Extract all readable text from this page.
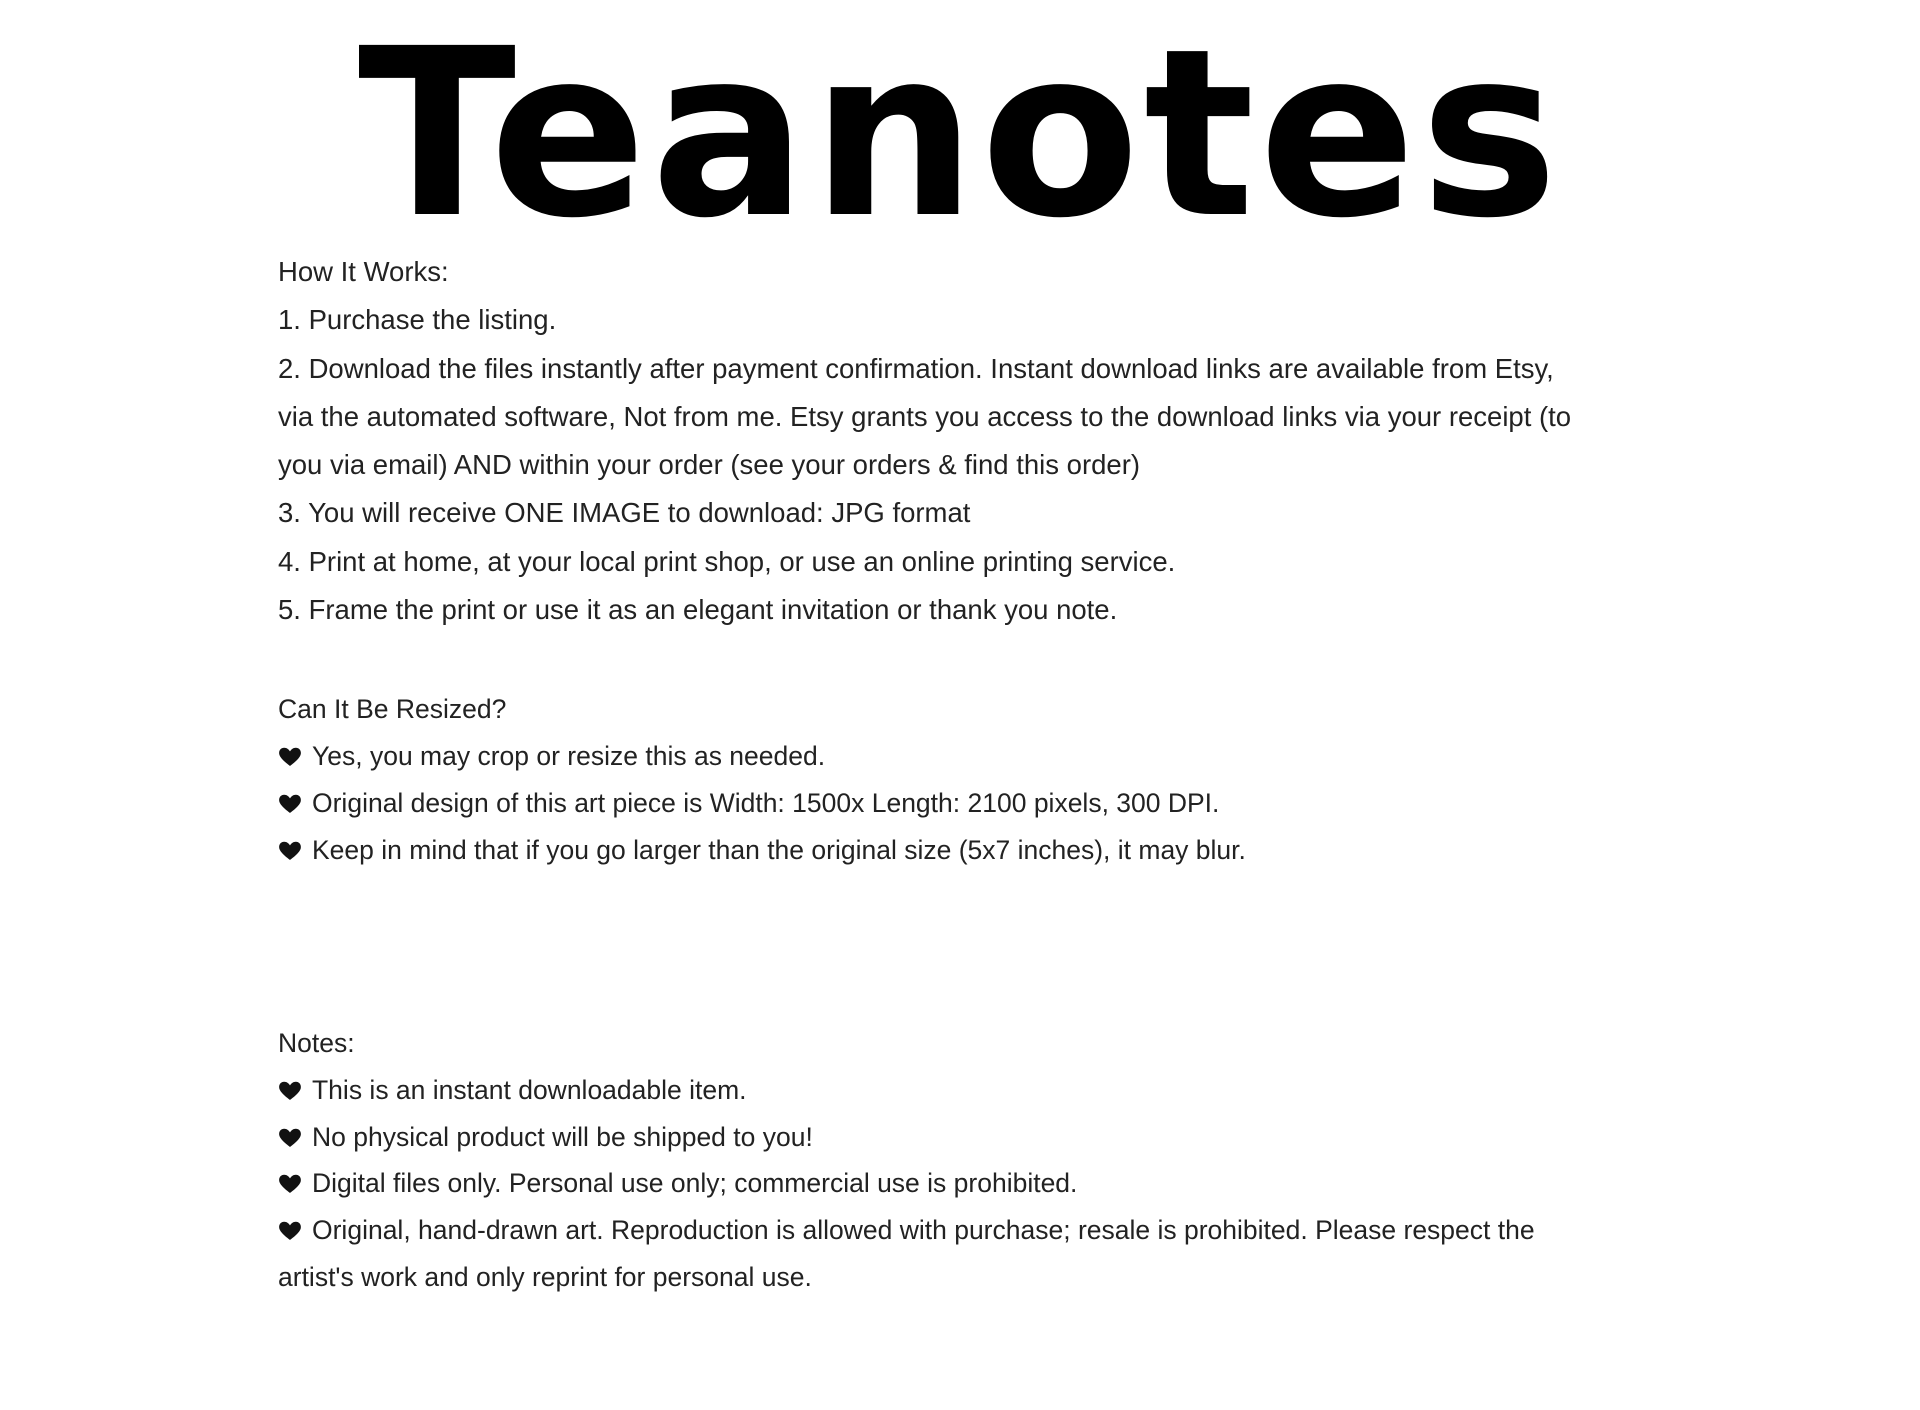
Teanotes
How It Works:
1. Purchase the listing.
2. Download the files instantly after payment confirmation. Instant download links are available from Etsy,
via the automated software, Not from me. Etsy grants you access to the download links via your receipt (to
you via email) AND within your order (see your orders & find this order)
3. You will receive ONE IMAGE to download: JPG format
4. Print at home, at your local print shop, or use an online printing service.
5. Frame the print or use it as an elegant invitation or thank you note.
Can It Be Resized?
Yes, you may crop or resize this as needed.
Original design of this art piece is Width: 1500x Length: 2100 pixels, 300 DPI.
Keep in mind that if you go larger than the original size (5x7 inches), it may blur.
Notes:
This is an instant downloadable item.
No physical product will be shipped to you!
Digital files only. Personal use only; commercial use is prohibited.
Original, hand-drawn art. Reproduction is allowed with purchase; resale is prohibited. Please respect the
artist's work and only reprint for personal use.
